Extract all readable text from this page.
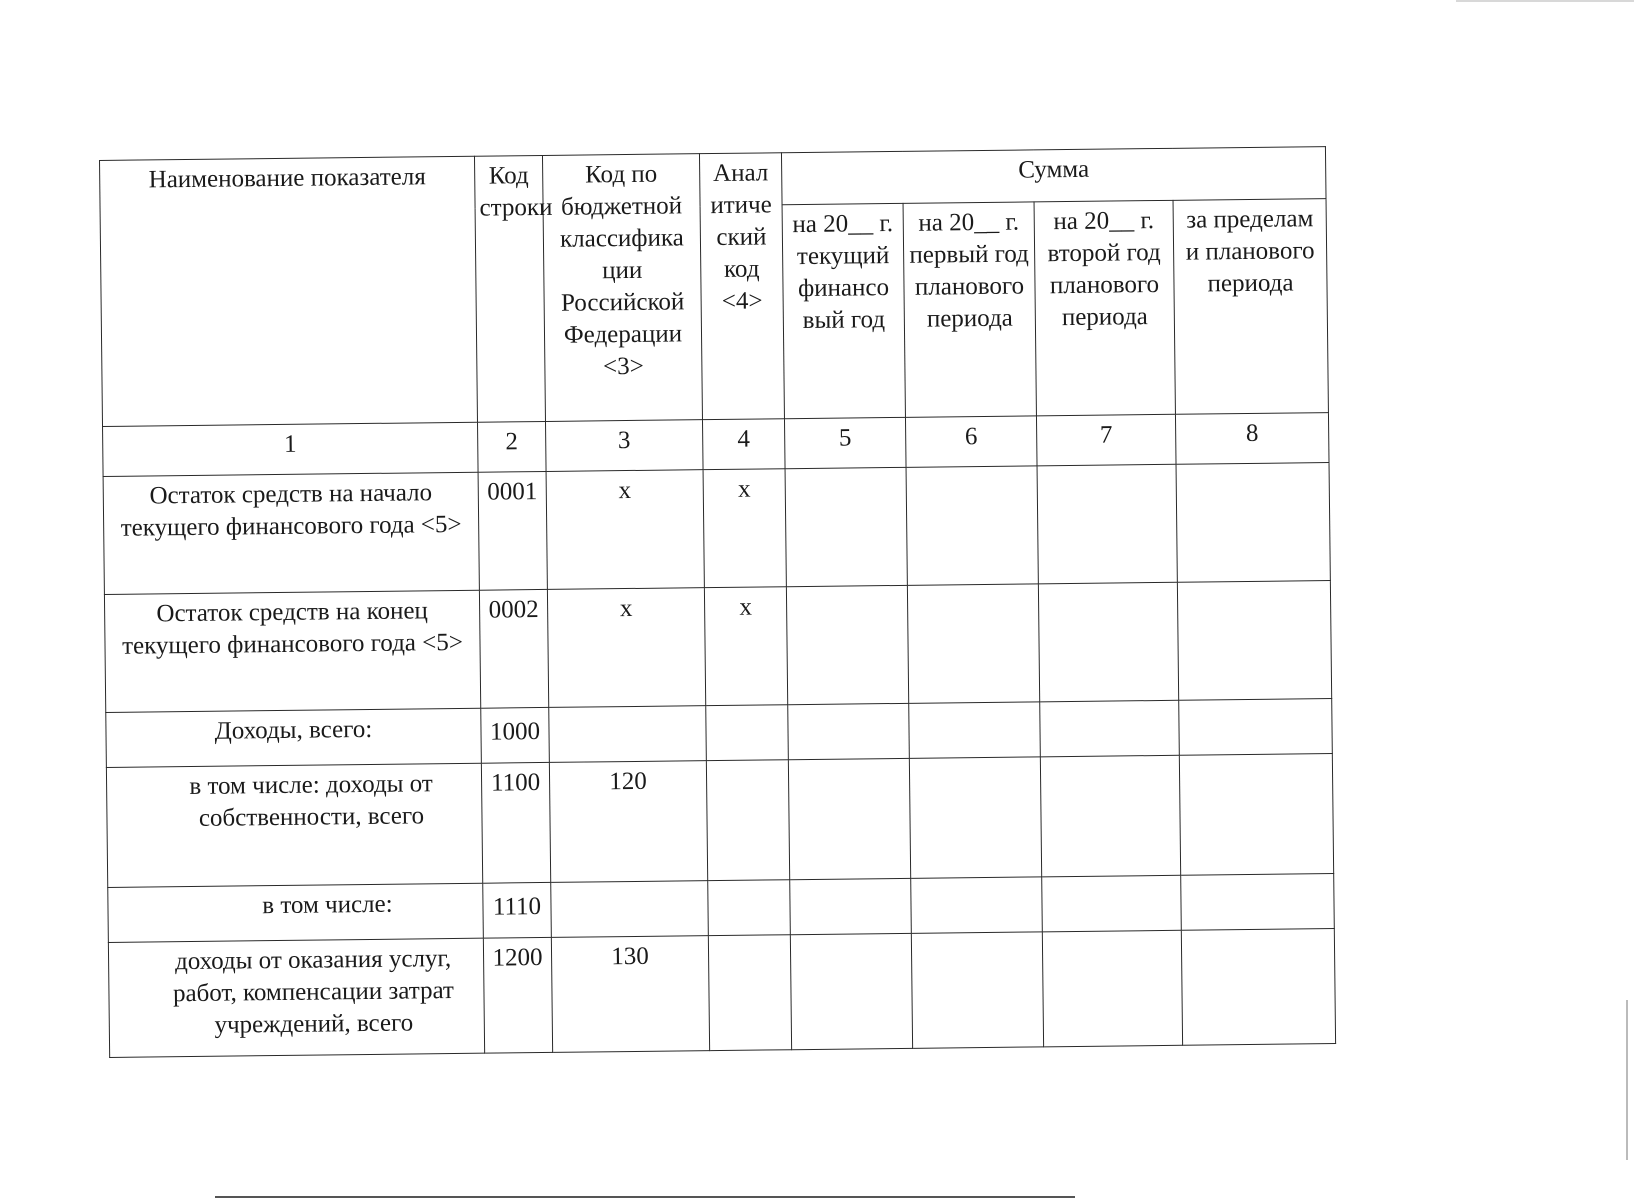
Наименование показателя	Код строки	Код по бюджетной классифика ции Российской Федерации <3>	Анал итиче ский код <4>	Сумма			
				на 20__ г. текущий финансо вый год	на 20__ г. первый год планового периода	на 20__ г. второй год планового периода	за пределам и планового периода
1	2	3	4	5	6	7	8
Остаток средств на начало текущего финансового года <5>	0001	x	x				
Остаток средств на конец текущего финансового года <5>	0002	x	x				
Доходы, всего:	1000						
в том числе: доходы от собственности, всего	1100	120					
в том числе:	1110						
доходы от оказания услуг, работ, компенсации затрат учреждений, всего	1200	130					
